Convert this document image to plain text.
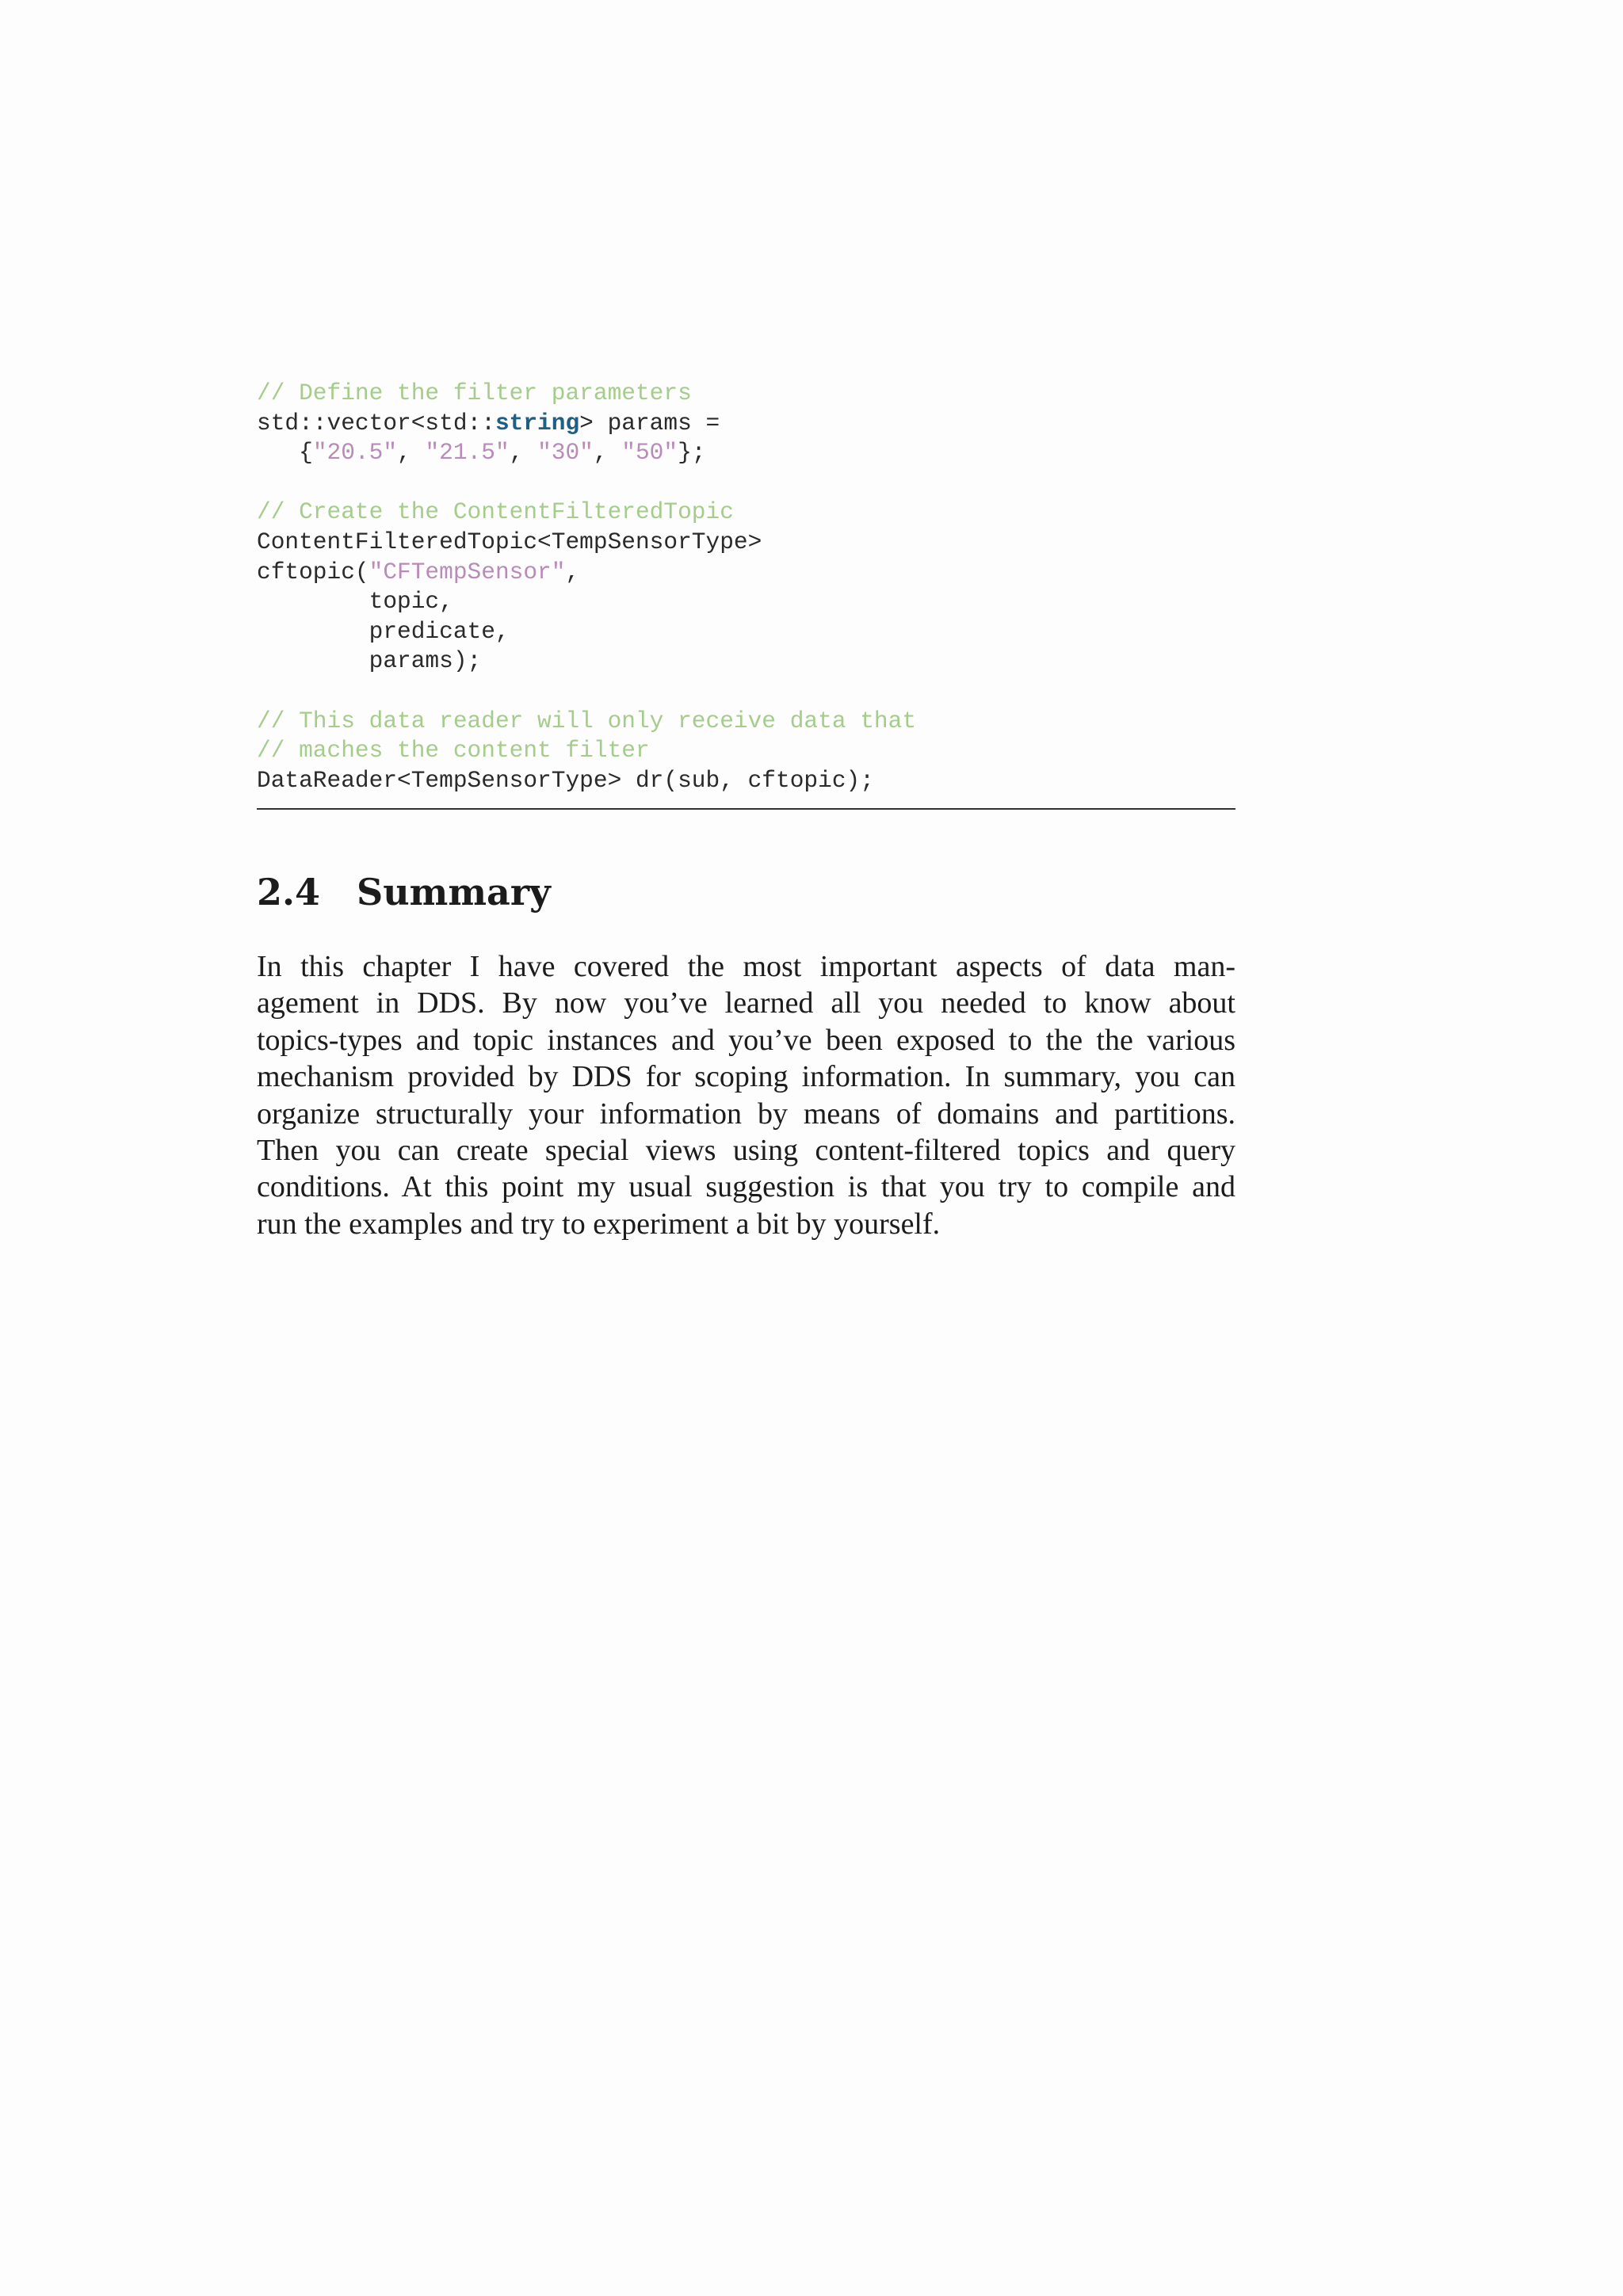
// Define the filter parameters
std::vector<std::string> params =
{"20.5", "21.5", "30", "50"};

// Create the ContentFilteredTopic
ContentFilteredTopic<TempSensorType>
cftopic("CFTempSensor",
topic,
predicate,
params);

// This data reader will only receive data that
// maches the content filter
DataReader<TempSensorType> dr(sub, cftopic);
2.4 Summary

In this chapter I have covered the most important aspects of data man-
agement in DDS. By now you’ve learned all you needed to know about
topics-types and topic instances and you’ve been exposed to the the various
mechanism provided by DDS for scoping information. In summary, you can
organize structurally your information by means of domains and partitions.
Then you can create special views using content-filtered topics and query
conditions. At this point my usual suggestion is that you try to compile and
run the examples and try to experiment a bit by yourself.
